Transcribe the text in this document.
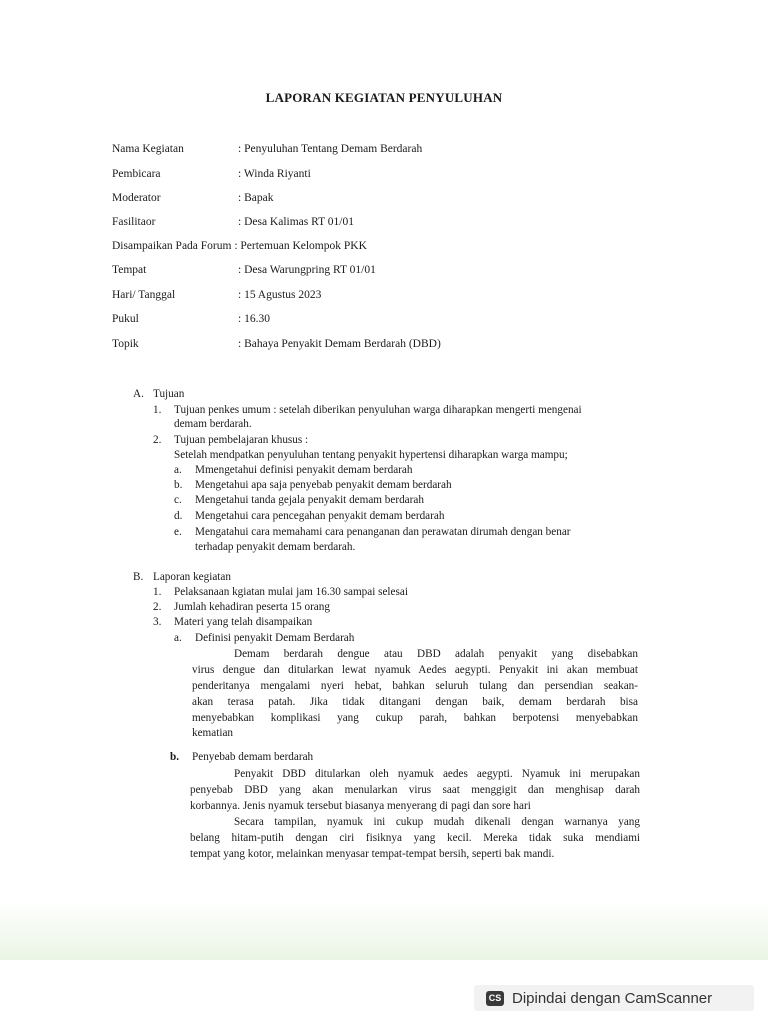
LAPORAN KEGIATAN PENYULUHAN
Nama Kegiatan	: Penyuluhan Tentang Demam Berdarah
Pembicara	: Winda Riyanti
Moderator	: Bapak
Fasilitaor	: Desa Kalimas RT 01/01
Disampaikan Pada Forum : Pertemuan Kelompok PKK
Tempat	: Desa Warungpring RT 01/01
Hari/ Tanggal	: 15 Agustus 2023
Pukul	: 16.30
Topik	: Bahaya Penyakit Demam Berdarah (DBD)
A. Tujuan
1. Tujuan penkes umum : setelah diberikan penyuluhan warga diharapkan mengerti mengenai
demam berdarah.
2. Tujuan pembelajaran khusus :
Setelah mendpatkan penyuluhan tentang penyakit hypertensi diharapkan warga mampu;
a. Mmengetahui definisi penyakit demam berdarah
b. Mengetahui apa saja penyebab penyakit demam berdarah
c. Mengetahui tanda gejala penyakit demam berdarah
d. Mengetahui cara pencegahan penyakit demam berdarah
e. Mengatahui cara memahami cara penanganan dan perawatan dirumah dengan benar
terhadap penyakit demam berdarah.
B. Laporan kegiatan
1. Pelaksanaan kgiatan mulai jam 16.30 sampai selesai
2. Jumlah kehadiran peserta 15 orang
3. Materi yang telah disampaikan
a. Definisi penyakit Demam Berdarah
Demam berdarah dengue atau DBD adalah penyakit yang disebabkan
virus dengue dan ditularkan lewat nyamuk Aedes aegypti. Penyakit ini akan membuat
penderitanya mengalami nyeri hebat, bahkan seluruh tulang dan persendian seakan-
akan terasa patah. Jika tidak ditangani dengan baik, demam berdarah bisa
menyebabkan komplikasi yang cukup parah, bahkan berpotensi menyebabkan
kematian
b. Penyebab demam berdarah
Penyakit DBD ditularkan oleh nyamuk aedes aegypti. Nyamuk ini merupakan
penyebab DBD yang akan menularkan virus saat menggigit dan menghisap darah
korbannya. Jenis nyamuk tersebut biasanya menyerang di pagi dan sore hari
Secara tampilan, nyamuk ini cukup mudah dikenali dengan warnanya yang
belang hitam-putih dengan ciri fisiknya yang kecil. Mereka tidak suka mendiami
tempat yang kotor, melainkan menyasar tempat-tempat bersih, seperti bak mandi.
CS Dipindai dengan CamScanner
